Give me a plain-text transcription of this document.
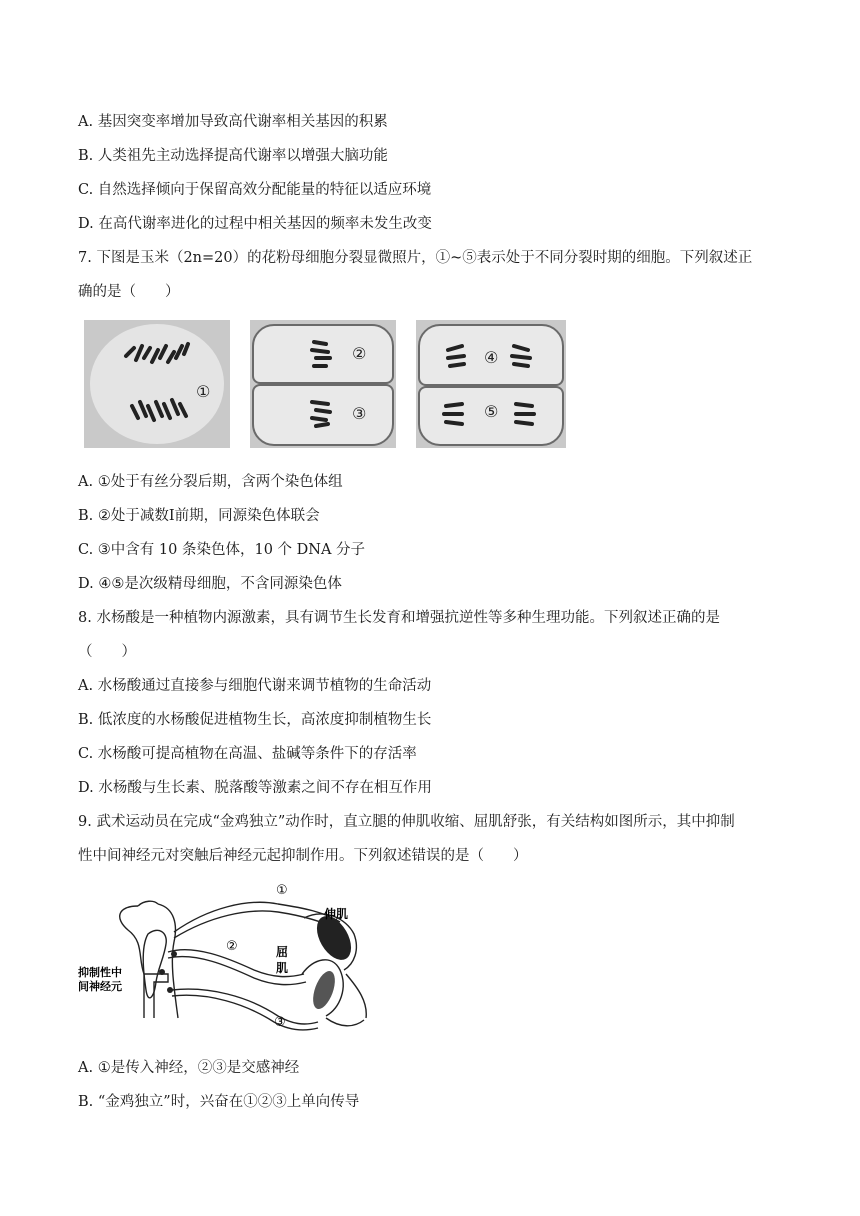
A. 基因突变率增加导致高代谢率相关基因的积累
B. 人类祖先主动选择提高代谢率以增强大脑功能
C. 自然选择倾向于保留高效分配能量的特征以适应环境
D. 在高代谢率进化的过程中相关基因的频率未发生改变
7. 下图是玉米（2n=20）的花粉母细胞分裂显微照片，①~⑤表示处于不同分裂时期的细胞。下列叙述正
确的是（　　）
①
②
③
④
⑤
A. ①处于有丝分裂后期，含两个染色体组
B. ②处于减数I前期，同源染色体联会
C. ③中含有 10 条染色体，10 个 DNA 分子
D. ④⑤是次级精母细胞，不含同源染色体
8. 水杨酸是一种植物内源激素，具有调节生长发育和增强抗逆性等多种生理功能。下列叙述正确的是
（　　）
A. 水杨酸通过直接参与细胞代谢来调节植物的生命活动
B. 低浓度的水杨酸促进植物生长，高浓度抑制植物生长
C. 水杨酸可提高植物在高温、盐碱等条件下的存活率
D. 水杨酸与生长素、脱落酸等激素之间不存在相互作用
9. 武术运动员在完成“金鸡独立”动作时，直立腿的伸肌收缩、屈肌舒张，有关结构如图所示，其中抑制
性中间神经元对突触后神经元起抑制作用。下列叙述错误的是（　　）
①
②
③
伸肌
屈
肌
抑制性中
间神经元
A. ①是传入神经，②③是交感神经
B. “金鸡独立”时，兴奋在①②③上单向传导
